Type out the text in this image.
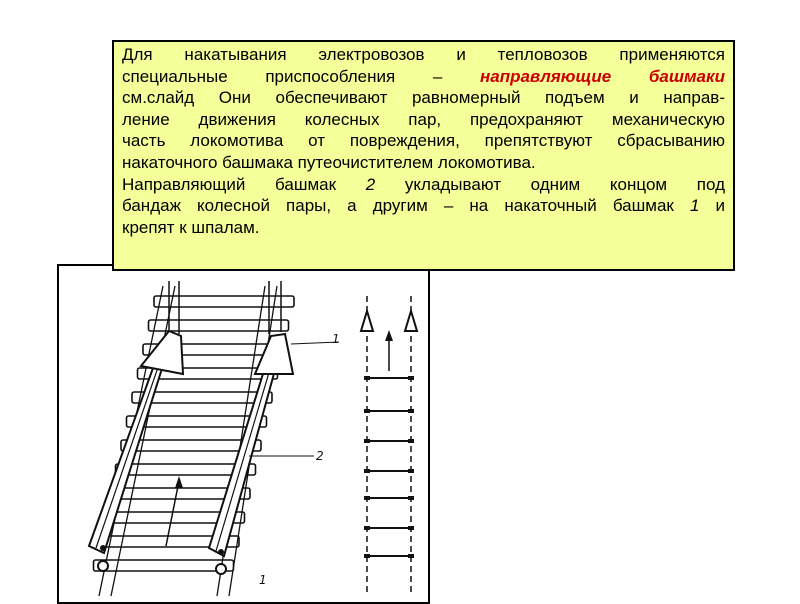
1
2
1
Для накатывания электровозов и тепловозов применяются
специальные приспособления – направляющие башмаки
см.слайд Они обеспечивают равномерный подъем и направ-
ление движения колесных пар, предохраняют механическую
часть локомотива от повреждения, препятствуют сбрасыванию
накаточного башмака путеочистителем локомотива.
Направляющий башмак 2 укладывают одним концом под
бандаж колесной пары, а другим – на накаточный башмак 1 и
крепят к шпалам.
